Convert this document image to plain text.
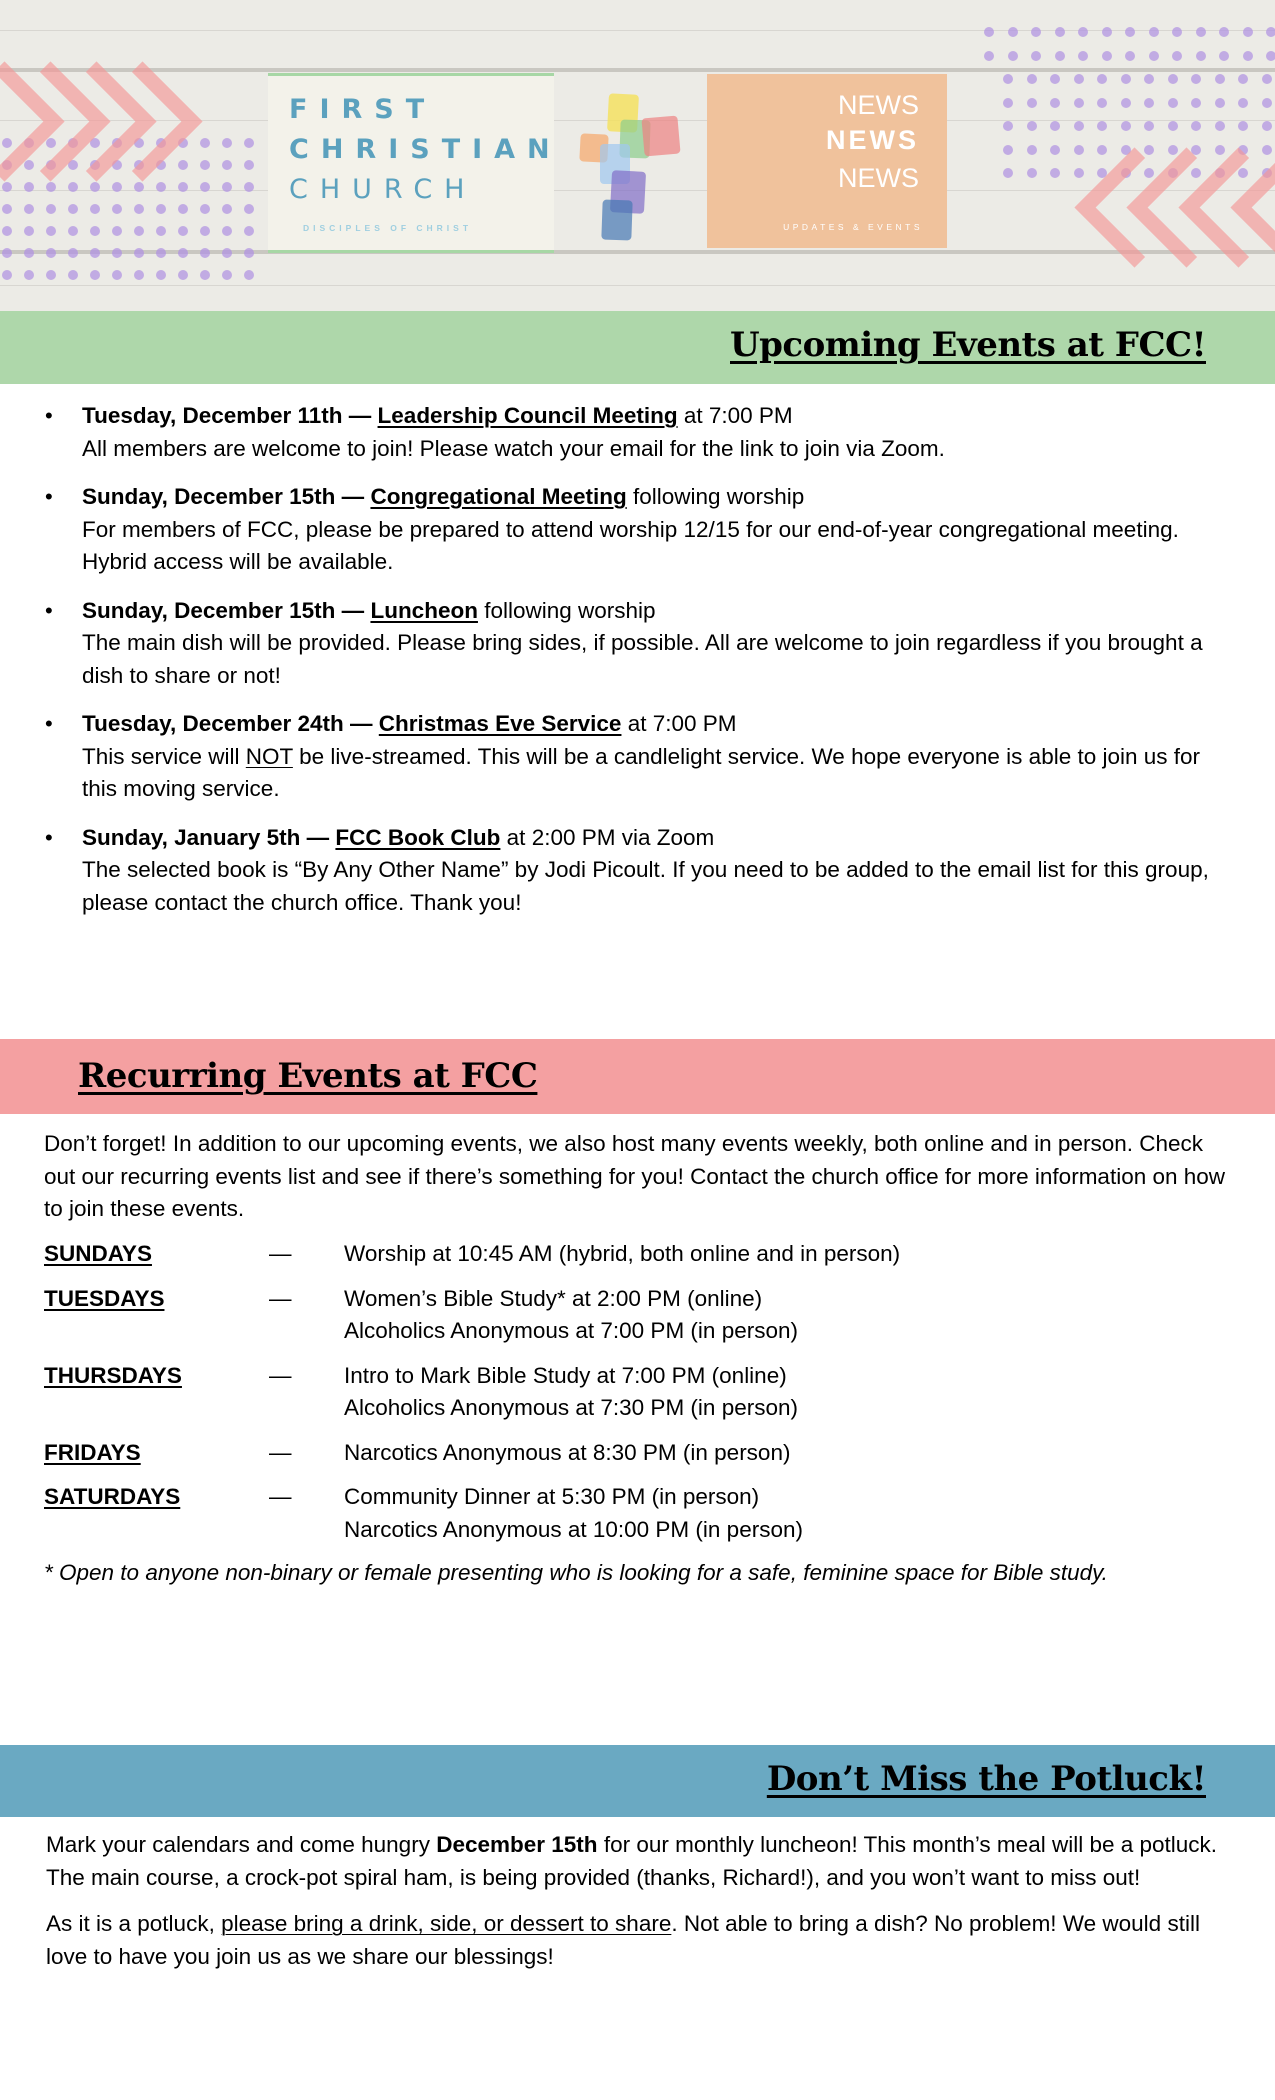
FIRST
CHRISTIAN
CHURCH
DISCIPLES OF CHRIST
NEWS
NEWS
NEWS
UPDATES & EVENTS
Upcoming Events at FCC!
• Tuesday, December 11th — Leadership Council Meeting at 7:00 PM
All members are welcome to join! Please watch your email for the link to join via Zoom.
• Sunday, December 15th — Congregational Meeting following worship
For members of FCC, please be prepared to attend worship 12/15 for our end-of-year congregational meeting. Hybrid access will be available.
• Sunday, December 15th — Luncheon following worship
The main dish will be provided. Please bring sides, if possible. All are welcome to join regardless if you brought a dish to share or not!
• Tuesday, December 24th — Christmas Eve Service at 7:00 PM
This service will NOT be live-streamed. This will be a candlelight service. We hope everyone is able to join us for this moving service.
• Sunday, January 5th — FCC Book Club at 2:00 PM via Zoom
The selected book is “By Any Other Name” by Jodi Picoult. If you need to be added to the email list for this group, please contact the church office. Thank you!
Recurring Events at FCC
Don’t forget! In addition to our upcoming events, we also host many events weekly, both online and in person. Check out our recurring events list and see if there’s something for you! Contact the church office for more information on how to join these events.
SUNDAYS	— Worship at 10:45 AM (hybrid, both online and in person)
TUESDAYS	— Women’s Bible Study* at 2:00 PM (online)
Alcoholics Anonymous at 7:00 PM (in person)
THURSDAYS	— Intro to Mark Bible Study at 7:00 PM (online)
Alcoholics Anonymous at 7:30 PM (in person)
FRIDAYS	— Narcotics Anonymous at 8:30 PM (in person)
SATURDAYS	— Community Dinner at 5:30 PM (in person)
Narcotics Anonymous at 10:00 PM (in person)
* Open to anyone non-binary or female presenting who is looking for a safe, feminine space for Bible study.
Don’t Miss the Potluck!

Mark your calendars and come hungry December 15th for our monthly luncheon! This month’s meal will be a potluck. The main course, a crock-pot spiral ham, is being provided (thanks, Richard!), and you won’t want to miss out!

As it is a potluck, please bring a drink, side, or dessert to share. Not able to bring a dish? No problem! We would still love to have you join us as we share our blessings!
